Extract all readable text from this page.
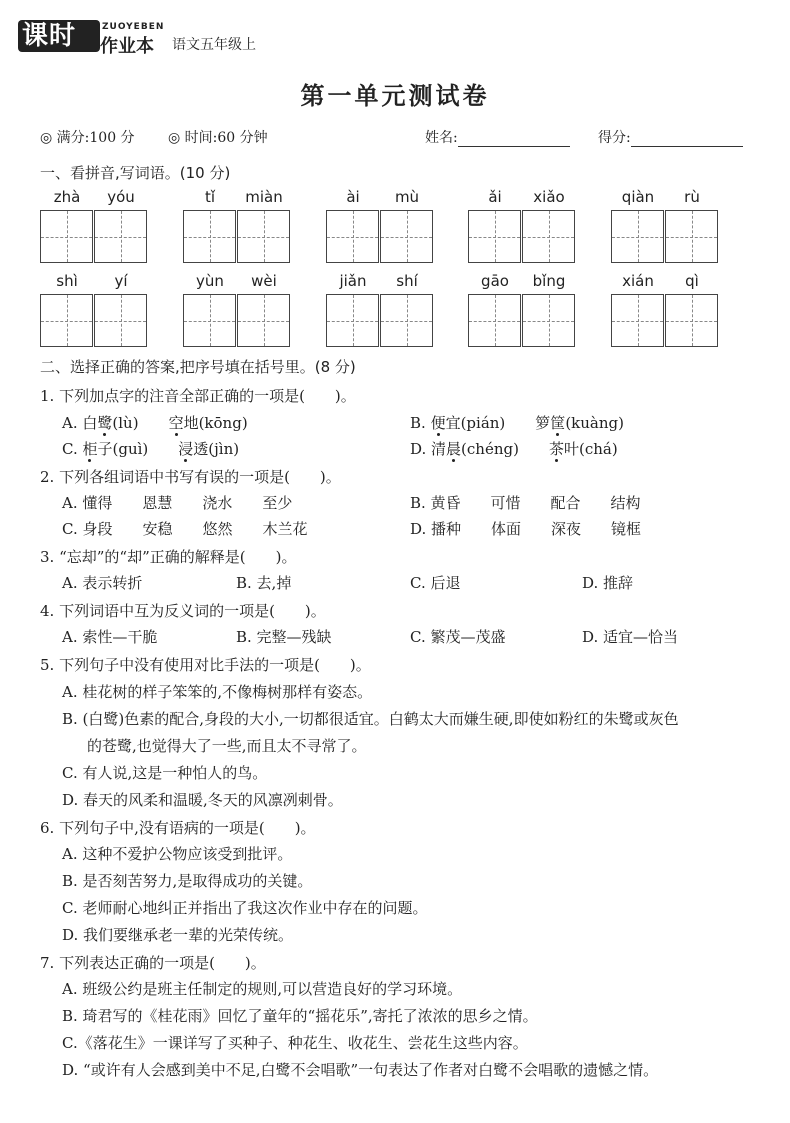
课时	ZUOYEBEN
作业本 语文五年级上
第一单元测试卷
◎ 满分:100 分 ◎ 时间:60 分钟	姓名:	得分:
一、看拼音,写词语。(10 分)
zhà	yóu	tǐ	miàn	ài	mù	ǎi	xiǎo	qiàn	rù
shì	yí	yùn	wèi	jiǎn	shí	gāo	bǐng	xián	qì
二、选择正确的答案,把序号填在括号里。(8 分)
1. 下列加点字的注音全部正确的一项是(　　)。
A. 白鹭(lù)　　空地(kōng)	B. 便宜(pián)　　箩筐(kuàng)
C. 柜子(guì)　　浸透(jìn)	D. 清晨(chéng)　　茶叶(chá)
2. 下列各组词语中书写有误的一项是(　　)。
A. 懂得　　恩慧　　浇水　　至少	B. 黄昏　　可惜　　配合　　结构
C. 身段　　安稳　　悠然　　木兰花	D. 播种　　体面　　深夜　　镜框
3. “忘却”的“却”正确的解释是(　　)。
A. 表示转折	B. 去,掉	C. 后退	D. 推辞
4. 下列词语中互为反义词的一项是(　　)。
A. 索性—干脆	B. 完整—残缺	C. 繁茂—茂盛	D. 适宜—恰当
5. 下列句子中没有使用对比手法的一项是(　　)。
A. 桂花树的样子笨笨的,不像梅树那样有姿态。
B. (白鹭)色素的配合,身段的大小,一切都很适宜。白鹤太大而嫌生硬,即使如粉红的朱鹭或灰色
的苍鹭,也觉得大了一些,而且太不寻常了。
C. 有人说,这是一种怕人的鸟。
D. 春天的风柔和温暖,冬天的风凛冽刺骨。
6. 下列句子中,没有语病的一项是(　　)。
A. 这种不爱护公物应该受到批评。
B. 是否刻苦努力,是取得成功的关键。
C. 老师耐心地纠正并指出了我这次作业中存在的问题。
D. 我们要继承老一辈的光荣传统。
7. 下列表达正确的一项是(　　)。
A. 班级公约是班主任制定的规则,可以营造良好的学习环境。
B. 琦君写的《桂花雨》回忆了童年的“摇花乐”,寄托了浓浓的思乡之情。
C.《落花生》一课详写了买种子、种花生、收花生、尝花生这些内容。
D. “或许有人会感到美中不足,白鹭不会唱歌”一句表达了作者对白鹭不会唱歌的遗憾之情。
